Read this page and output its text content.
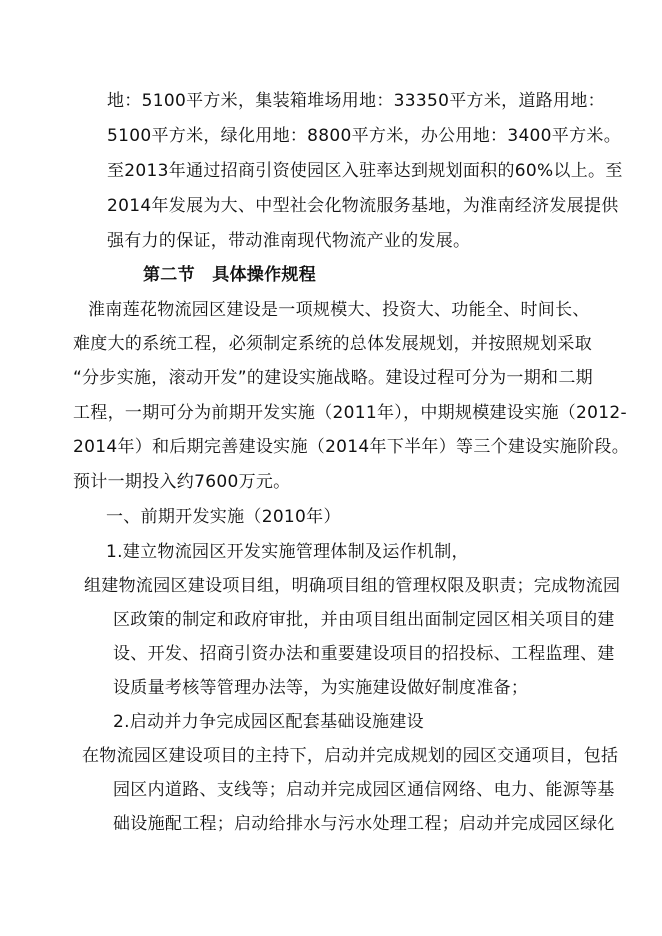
地：5100平方米，集装箱堆场用地：33350平方米，道路用地：
5100平方米，绿化用地：8800平方米，办公用地：3400平方米。
至2013年通过招商引资使园区入驻率达到规划面积的60%以上。至
2014年发展为大、中型社会化物流服务基地，为淮南经济发展提供
强有力的保证，带动淮南现代物流产业的发展。
第二节　具体操作规程
淮南莲花物流园区建设是一项规模大、投资大、功能全、时间长、
难度大的系统工程，必须制定系统的总体发展规划，并按照规划采取
“分步实施，滚动开发”的建设实施战略。建设过程可分为一期和二期
工程，一期可分为前期开发实施（2011年），中期规模建设实施（2012-
2014年）和后期完善建设实施（2014年下半年）等三个建设实施阶段。
预计一期投入约7600万元。
一、前期开发实施（2010年）
1.建立物流园区开发实施管理体制及运作机制，
组建物流园区建设项目组，明确项目组的管理权限及职责；完成物流园
区政策的制定和政府审批，并由项目组出面制定园区相关项目的建
设、开发、招商引资办法和重要建设项目的招投标、工程监理、建
设质量考核等管理办法等，为实施建设做好制度准备；
2.启动并力争完成园区配套基础设施建设
在物流园区建设项目的主持下，启动并完成规划的园区交通项目，包括
园区内道路、支线等；启动并完成园区通信网络、电力、能源等基
础设施配工程；启动给排水与污水处理工程；启动并完成园区绿化
